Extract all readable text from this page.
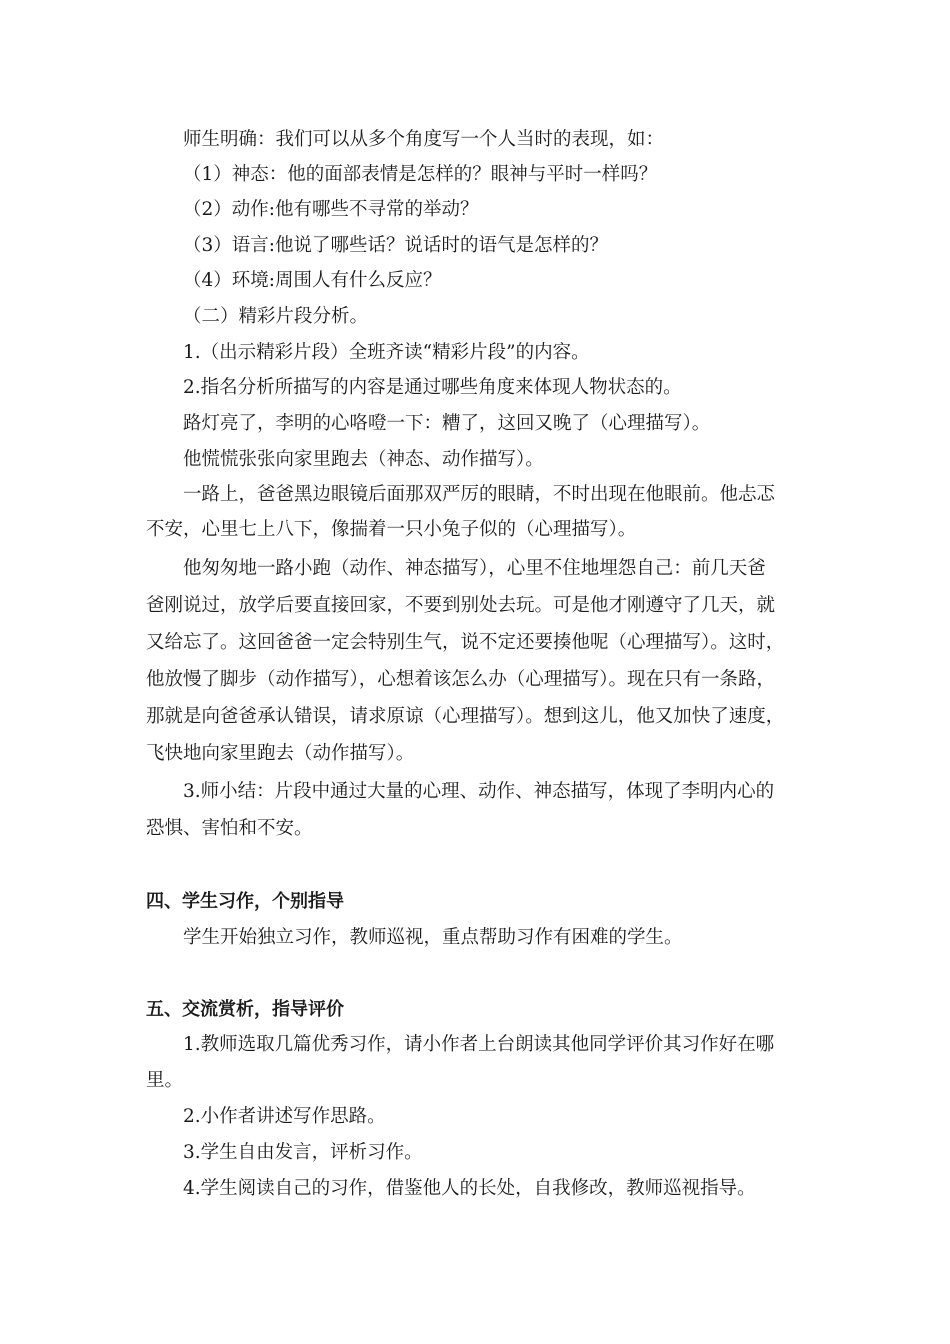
师生明确：我们可以从多个角度写一个人当时的表现，如：
（1）神态：他的面部表情是怎样的？眼神与平时一样吗？
（2）动作:他有哪些不寻常的举动？
（3）语言:他说了哪些话？说话时的语气是怎样的？
（4）环境:周围人有什么反应？
（二）精彩片段分析。
1.（出示精彩片段）全班齐读“精彩片段”的内容。
2.指名分析所描写的内容是通过哪些角度来体现人物状态的。
路灯亮了，李明的心咯噔一下：糟了，这回又晚了（心理描写）。
他慌慌张张向家里跑去（神态、动作描写）。
一路上，爸爸黑边眼镜后面那双严厉的眼睛，不时出现在他眼前。他忐忑
不安，心里七上八下，像揣着一只小兔子似的（心理描写）。
他匆匆地一路小跑（动作、神态描写），心里不住地埋怨自己：前几天爸
爸刚说过，放学后要直接回家，不要到别处去玩。可是他才刚遵守了几天，就
又给忘了。这回爸爸一定会特别生气，说不定还要揍他呢（心理描写）。这时，
他放慢了脚步（动作描写），心想着该怎么办（心理描写）。现在只有一条路，
那就是向爸爸承认错误，请求原谅（心理描写）。想到这儿，他又加快了速度，
飞快地向家里跑去（动作描写）。
3.师小结：片段中通过大量的心理、动作、神态描写，体现了李明内心的
恐惧、害怕和不安。
四、学生习作，个别指导
学生开始独立习作，教师巡视，重点帮助习作有困难的学生。
五、交流赏析，指导评价
1.教师选取几篇优秀习作，请小作者上台朗读其他同学评价其习作好在哪
里。
2.小作者讲述写作思路。
3.学生自由发言，评析习作。
4.学生阅读自己的习作，借鉴他人的长处，自我修改，教师巡视指导。
